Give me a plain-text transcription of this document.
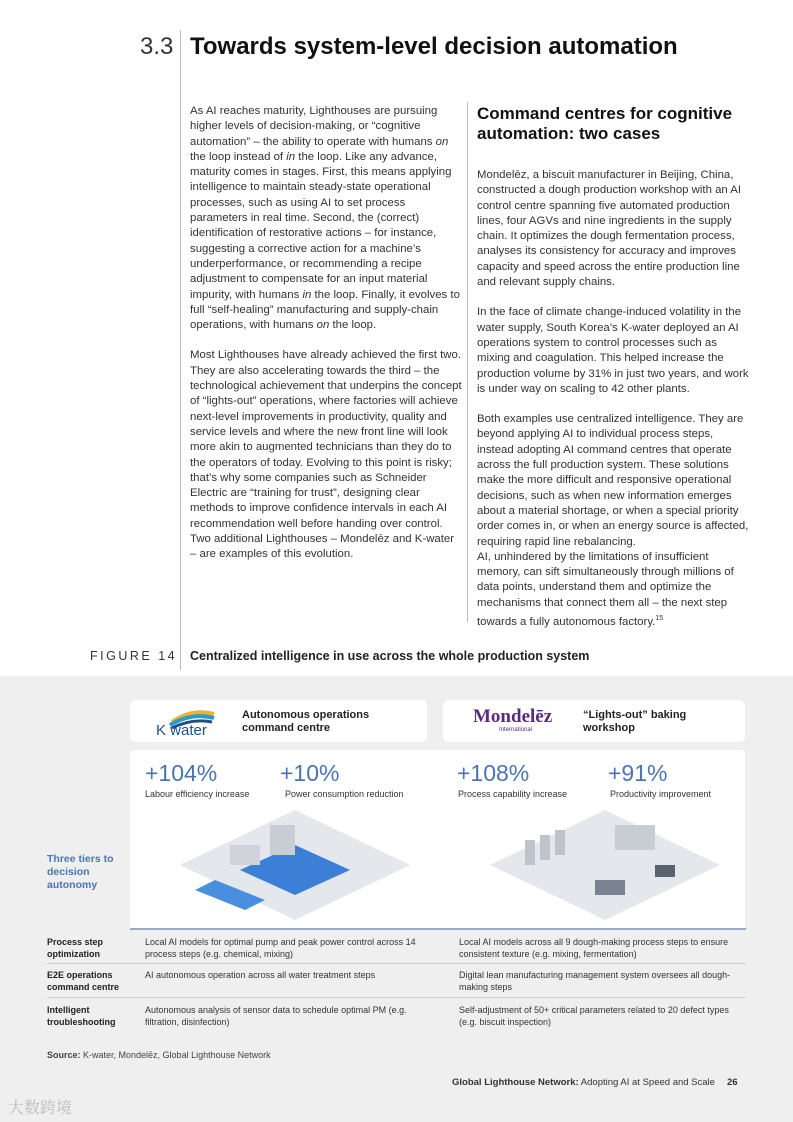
3.3 Towards system-level decision automation

As AI reaches maturity, Lighthouses are pursuing higher levels of decision-making, or “cognitive automation” – the ability to operate with humans on the loop instead of in the loop. Like any advance, maturity comes in stages. First, this means applying intelligence to maintain steady-state operational processes, such as using AI to set process parameters in real time. Second, the (correct) identification of restorative actions – for instance, suggesting a corrective action for a machine’s underperformance, or recommending a recipe adjustment to compensate for an input material impurity, with humans in the loop. Finally, it evolves to full “self-healing” manufacturing and supply-chain operations, with humans on the loop.

Most Lighthouses have already achieved the first two. They are also accelerating towards the third – the technological achievement that underpins the concept of “lights-out” operations, where factories will achieve next-level improvements in productivity, quality and service levels and where the new front line will look more akin to augmented technicians than they do to the operators of today. Evolving to this point is risky; that’s why some companies such as Schneider Electric are “training for trust”, designing clear methods to improve confidence intervals in each AI recommendation well before handing over control. Two additional Lighthouses – Mondelēz and K-water – are examples of this evolution.

Command centres for cognitive automation: two cases

Mondelēz, a biscuit manufacturer in Beijing, China, constructed a dough production workshop with an AI control centre spanning five automated production lines, four AGVs and nine ingredients in the supply chain. It optimizes the dough fermentation process, analyses its consistency for accuracy and improves capacity and speed across the entire production line and relevant supply chains.

In the face of climate change-induced volatility in the water supply, South Korea’s K-water deployed an AI operations system to control processes such as mixing and coagulation. This helped increase the production volume by 31% in just two years, and work is under way on scaling to 42 other plants.

Both examples use centralized intelligence. They are beyond applying AI to individual process steps, instead adopting AI command centres that operate across the full production system. These solutions make the more difficult and responsive operational decisions, such as when new information emerges about a material shortage, or when a special priority order comes in, or when an energy source is affected, requiring rapid line rebalancing.

AI, unhindered by the limitations of insufficient memory, can sift simultaneously through millions of data points, understand them and optimize the mechanisms that connect them all – the next step towards a fully autonomous factory.$^{15}$

FIGURE 14 Centralized intelligence in use across the whole production system
K water
Autonomous operations command centre
Mondelēz
International
“Lights-out” baking workshop
+104%
Labour efficiency increase
+10%
Power consumption reduction
+108%
Process capability increase
+91%
Productivity improvement
Three tiers to decision autonomy
Process step optimization
Local AI models for optimal pump and peak power control across 14 process steps (e.g. chemical, mixing)
Local AI models across all 9 dough-making process steps to ensure consistent texture (e.g. mixing, fermentation)
E2E operations command centre
AI autonomous operation across all water treatment steps	Digital lean manufacturing management system oversees all dough-making steps
Intelligent troubleshooting
Autonomous analysis of sensor data to schedule optimal PM (e.g. filtration, disinfection)
Self-adjustment of 50+ critical parameters related to 20 defect types (e.g. biscuit inspection)
Source: K-water, Mondelēz, Global Lighthouse Network
Global Lighthouse Network: Adopting AI at Speed and Scale 26
大数跨境
